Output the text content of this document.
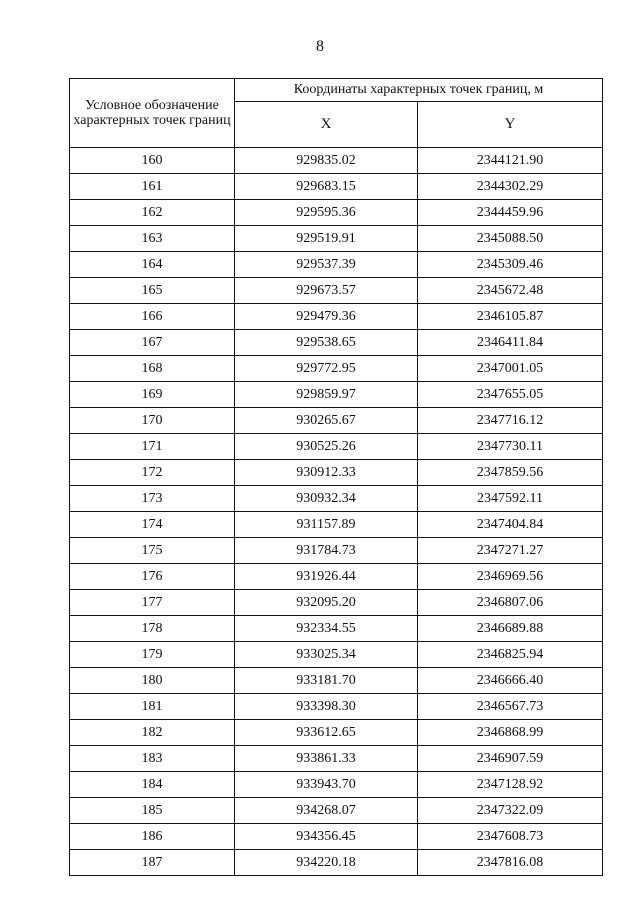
8
Условное обозначение характерных точек границ	Координаты характерных точек границ, м	
	X	Y
160	929835.02	2344121.90
161	929683.15	2344302.29
162	929595.36	2344459.96
163	929519.91	2345088.50
164	929537.39	2345309.46
165	929673.57	2345672.48
166	929479.36	2346105.87
167	929538.65	2346411.84
168	929772.95	2347001.05
169	929859.97	2347655.05
170	930265.67	2347716.12
171	930525.26	2347730.11
172	930912.33	2347859.56
173	930932.34	2347592.11
174	931157.89	2347404.84
175	931784.73	2347271.27
176	931926.44	2346969.56
177	932095.20	2346807.06
178	932334.55	2346689.88
179	933025.34	2346825.94
180	933181.70	2346666.40
181	933398.30	2346567.73
182	933612.65	2346868.99
183	933861.33	2346907.59
184	933943.70	2347128.92
185	934268.07	2347322.09
186	934356.45	2347608.73
187	934220.18	2347816.08
